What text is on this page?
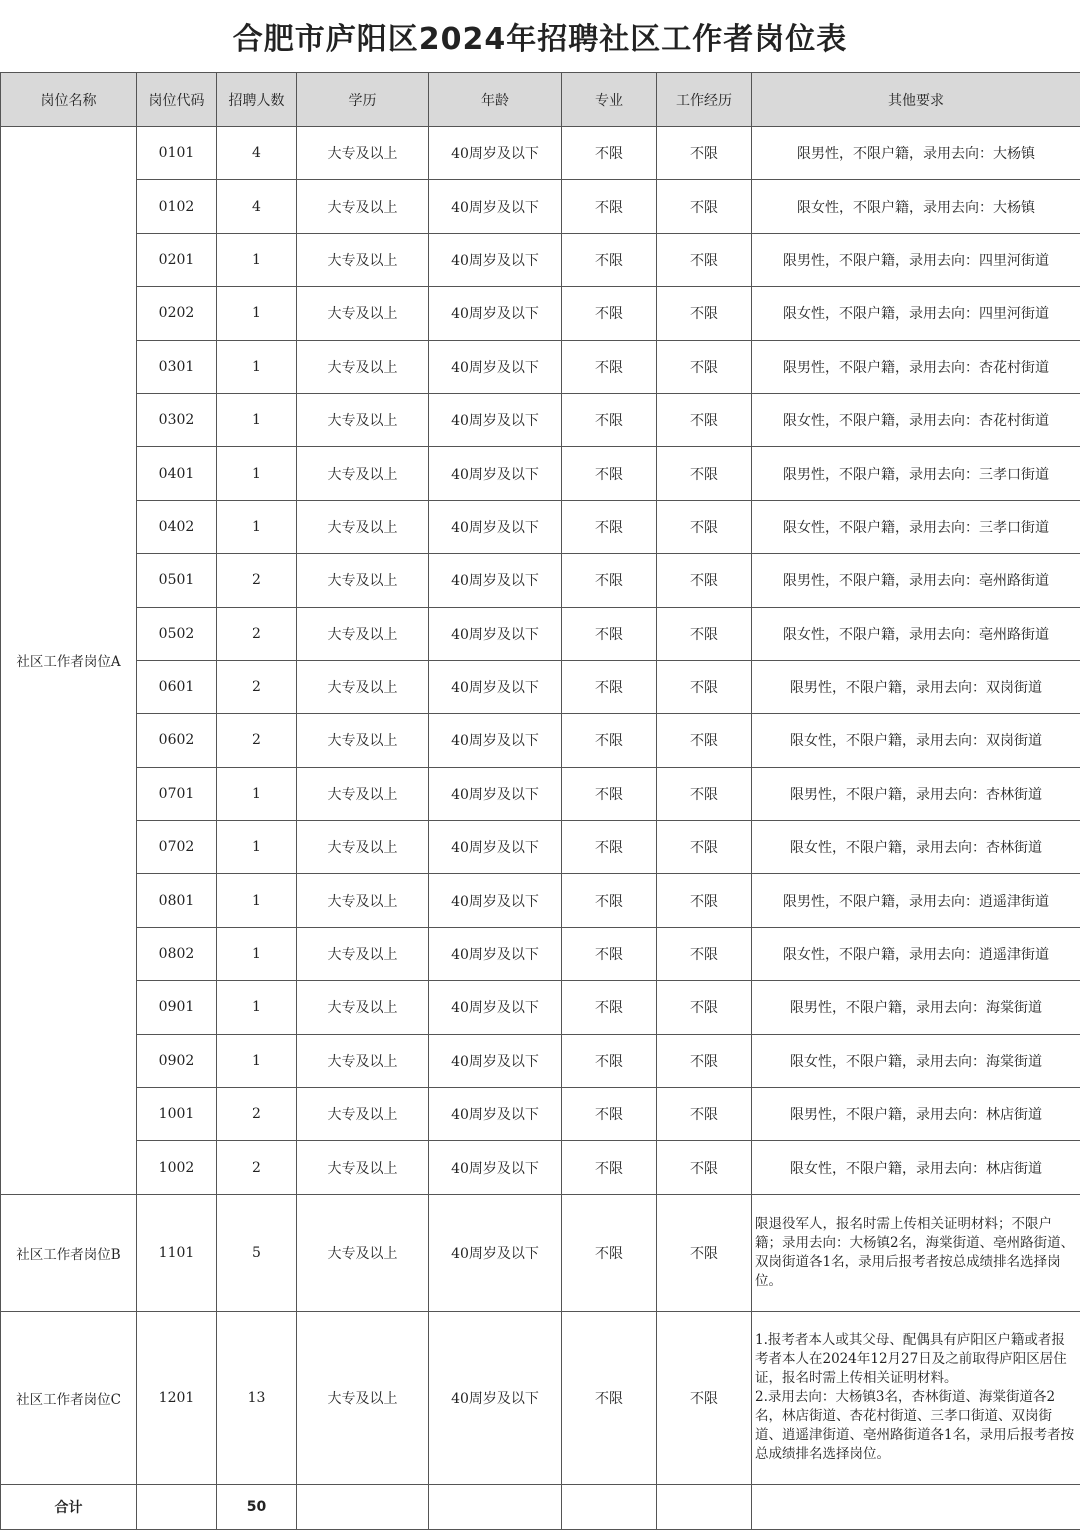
合肥市庐阳区2024年招聘社区工作者岗位表
岗位名称	岗位代码	招聘人数	学历	年龄	专业	工作经历	其他要求
社区工作者岗位A	0101	4	大专及以上	40周岁及以下	不限	不限	限男性，不限户籍，录用去向：大杨镇
	0102	4	大专及以上	40周岁及以下	不限	不限	限女性，不限户籍，录用去向：大杨镇
	0201	1	大专及以上	40周岁及以下	不限	不限	限男性，不限户籍，录用去向：四里河街道
	0202	1	大专及以上	40周岁及以下	不限	不限	限女性，不限户籍，录用去向：四里河街道
	0301	1	大专及以上	40周岁及以下	不限	不限	限男性，不限户籍，录用去向：杏花村街道
	0302	1	大专及以上	40周岁及以下	不限	不限	限女性，不限户籍，录用去向：杏花村街道
	0401	1	大专及以上	40周岁及以下	不限	不限	限男性，不限户籍，录用去向：三孝口街道
	0402	1	大专及以上	40周岁及以下	不限	不限	限女性，不限户籍，录用去向：三孝口街道
	0501	2	大专及以上	40周岁及以下	不限	不限	限男性，不限户籍，录用去向：亳州路街道
	0502	2	大专及以上	40周岁及以下	不限	不限	限女性，不限户籍，录用去向：亳州路街道
	0601	2	大专及以上	40周岁及以下	不限	不限	限男性，不限户籍，录用去向：双岗街道
	0602	2	大专及以上	40周岁及以下	不限	不限	限女性，不限户籍，录用去向：双岗街道
	0701	1	大专及以上	40周岁及以下	不限	不限	限男性，不限户籍，录用去向：杏林街道
	0702	1	大专及以上	40周岁及以下	不限	不限	限女性，不限户籍，录用去向：杏林街道
	0801	1	大专及以上	40周岁及以下	不限	不限	限男性，不限户籍，录用去向：逍遥津街道
	0802	1	大专及以上	40周岁及以下	不限	不限	限女性，不限户籍，录用去向：逍遥津街道
	0901	1	大专及以上	40周岁及以下	不限	不限	限男性，不限户籍，录用去向：海棠街道
	0902	1	大专及以上	40周岁及以下	不限	不限	限女性，不限户籍，录用去向：海棠街道
	1001	2	大专及以上	40周岁及以下	不限	不限	限男性，不限户籍，录用去向：林店街道
	1002	2	大专及以上	40周岁及以下	不限	不限	限女性，不限户籍，录用去向：林店街道
社区工作者岗位B	1101	5	大专及以上	40周岁及以下	不限	不限	限退役军人，报名时需上传相关证明材料；不限户籍；录用去向：大杨镇2名，海棠街道、亳州路街道、双岗街道各1名，录用后报考者按总成绩排名选择岗位。
社区工作者岗位C	1201	13	大专及以上	40周岁及以下	不限	不限	1.报考者本人或其父母、配偶具有庐阳区户籍或者报考者本人在2024年12月27日及之前取得庐阳区居住证，报名时需上传相关证明材料。
2.录用去向：大杨镇3名，杏林街道、海棠街道各2名，林店街道、杏花村街道、三孝口街道、双岗街道、逍遥津街道、亳州路街道各1名，录用后报考者按总成绩排名选择岗位。

合计		50					
